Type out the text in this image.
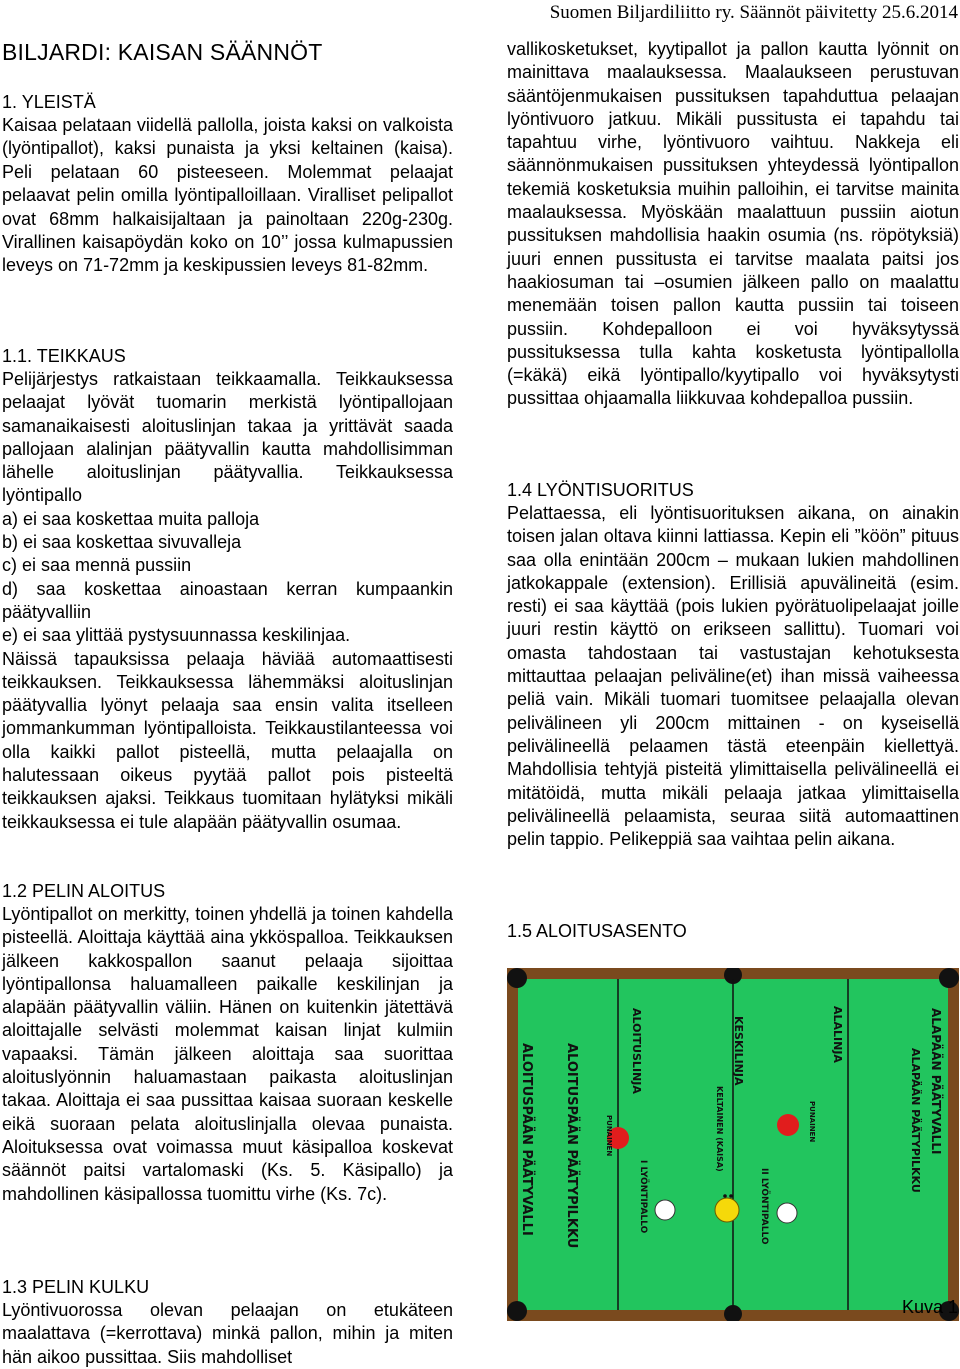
Suomen Biljardiliitto ry. Säännöt päivitetty 25.6.2014
BILJARDI: KAISAN SÄÄNNÖT
1. YLEISTÄ

Kaisaa pelataan viidellä pallolla, joista kaksi on valkoista (lyöntipallot), kaksi punaista ja yksi keltainen (kaisa). Peli pelataan 60 pisteeseen. Molemmat pelaajat pelaavat pelin omilla lyöntipalloillaan. Viralliset pelipallot ovat 68mm halkaisijaltaan ja painoltaan 220g-230g. Virallinen kaisapöydän koko on 10’’ jossa kulmapussien leveys on 71-72mm ja keskipussien leveys 81-82mm.

1.1. TEIKKAUS

Pelijärjestys ratkaistaan teikkaamalla. Teikkauksessa pelaajat lyövät tuomarin merkistä lyöntipallojaan samanaikaisesti aloituslinjan takaa ja yrittävät saada pallojaan alalinjan päätyvallin kautta mahdollisimman lähelle aloituslinjan päätyvallia. Teikkauksessa lyöntipallo

a) ei saa koskettaa muita palloja
b) ei saa koskettaa sivuvalleja
c) ei saa mennä pussiin
d) saa koskettaa ainoastaan kerran kumpaankin päätyvalliin
e) ei saa ylittää pystysuunnassa keskilinjaa.

Näissä tapauksissa pelaaja häviää automaattisesti teikkauksen. Teikkauksessa lähemmäksi aloituslinjan päätyvallia lyönyt pelaaja saa ensin valita itselleen jommankumman lyöntipalloista. Teikkaustilanteessa voi olla kaikki pallot pisteellä, mutta pelaajalla on halutessaan oikeus pyytää pallot pois pisteeltä teikkauksen ajaksi. Teikkaus tuomitaan hylätyksi mikäli teikkauksessa ei tule alapään päätyvallin osumaa.

1.2 PELIN ALOITUS

Lyöntipallot on merkitty, toinen yhdellä ja toinen kahdella pisteellä. Aloittaja käyttää aina ykköspalloa. Teikkauksen jälkeen kakkospallon saanut pelaaja sijoittaa lyöntipallonsa haluamalleen paikalle keskilinjan ja alapään päätyvallin väliin. Hänen on kuitenkin jätettävä aloittajalle selvästi molemmat kaisan linjat kulmiin vapaaksi. Tämän jälkeen aloittaja saa suorittaa aloituslyönnin haluamastaan paikasta aloituslinjan takaa. Aloittaja ei saa pussittaa kaisaa suoraan keskelle eikä suoraan pelata aloituslinjalla olevaa punaista. Aloituksessa ovat voimassa muut käsipalloa koskevat säännöt paitsi vartalomaski (Ks. 5. Käsipallo) ja mahdollinen käsipallossa tuomittu virhe (Ks. 7c).

1.3 PELIN KULKU

Lyöntivuorossa olevan pelaajan on etukäteen maalattava (=kerrottava) minkä pallon, mihin ja miten hän aikoo pussittaa. Siis mahdolliset

vallikosketukset, kyytipallot ja pallon kautta lyönnit on mainittava maalauksessa. Maalaukseen perustuvan sääntöjenmukaisen pussituksen tapahduttua pelaajan lyöntivuoro jatkuu. Mikäli pussitusta ei tapahdu tai tapahtuu virhe, lyöntivuoro vaihtuu. Nakkeja eli säännönmukaisen pussituksen yhteydessä lyöntipallon tekemiä kosketuksia muihin palloihin, ei tarvitse mainita maalauksessa. Myöskään maalattuun pussiin aiotun pussituksen mahdollisia haakin osumia (ns. röpötyksiä) juuri ennen pussitusta ei tarvitse maalata paitsi jos haakiosuman tai –osumien jälkeen pallo on maalattu menemään toisen pallon kautta pussiin tai toiseen pussiin. Kohdepalloon ei voi hyväksytyssä pussituksessa tulla kahta kosketusta lyöntipallolla (=käkä) eikä lyöntipallo/kyytipallo voi hyväksytysti pussittaa ohjaamalla liikkuvaa kohdepalloa pussiin.

1.4 LYÖNTISUORITUS

Pelattaessa, eli lyöntisuorituksen aikana, on ainakin toisen jalan oltava kiinni lattiassa. Kepin eli ”köön” pituus saa olla enintään 200cm – mukaan lukien mahdollinen jatkokappale (extension). Erillisiä apuvälineitä (esim. resti) ei saa käyttää (pois lukien pyörätuolipelaajat joille juuri restin käyttö on erikseen sallittu). Tuomari voi omasta tahdostaan tai vastustajan kehotuksesta mittauttaa pelaajan peliväline(et) ihan missä vaiheessa peliä vain. Mikäli tuomari tuomitsee pelaajalla olevan pelivälineen yli 200cm mittainen - on kyseisellä pelivälineellä pelaamen tästä eteenpäin kiellettyä. Mahdollisia tehtyjä pisteitä ylimittaisella pelivälineellä ei mitätöidä, mutta mikäli pelaaja jatkaa ylimittaisella pelivälineellä pelaamista, seuraa siitä automaattinen pelin tappio. Pelikeppiä saa vaihtaa pelin aikana.

1.5 ALOITUSASENTO
ALOITUSPÄÄN PÄÄTYVALLI ALOITUSPÄÄN PÄÄTYPILKKU	ALOITUSLINJA
PUNAINEN
I LYÖNTIPALLO
KESKILINJA
KELTAINEN (KAISA)
II LYÖNTIPALLO
PUNAINEN
ALALINJA
ALAPÄÄN PÄÄTYPILKKU ALAPÄÄN PÄÄTYVALLI
Kuva 1
